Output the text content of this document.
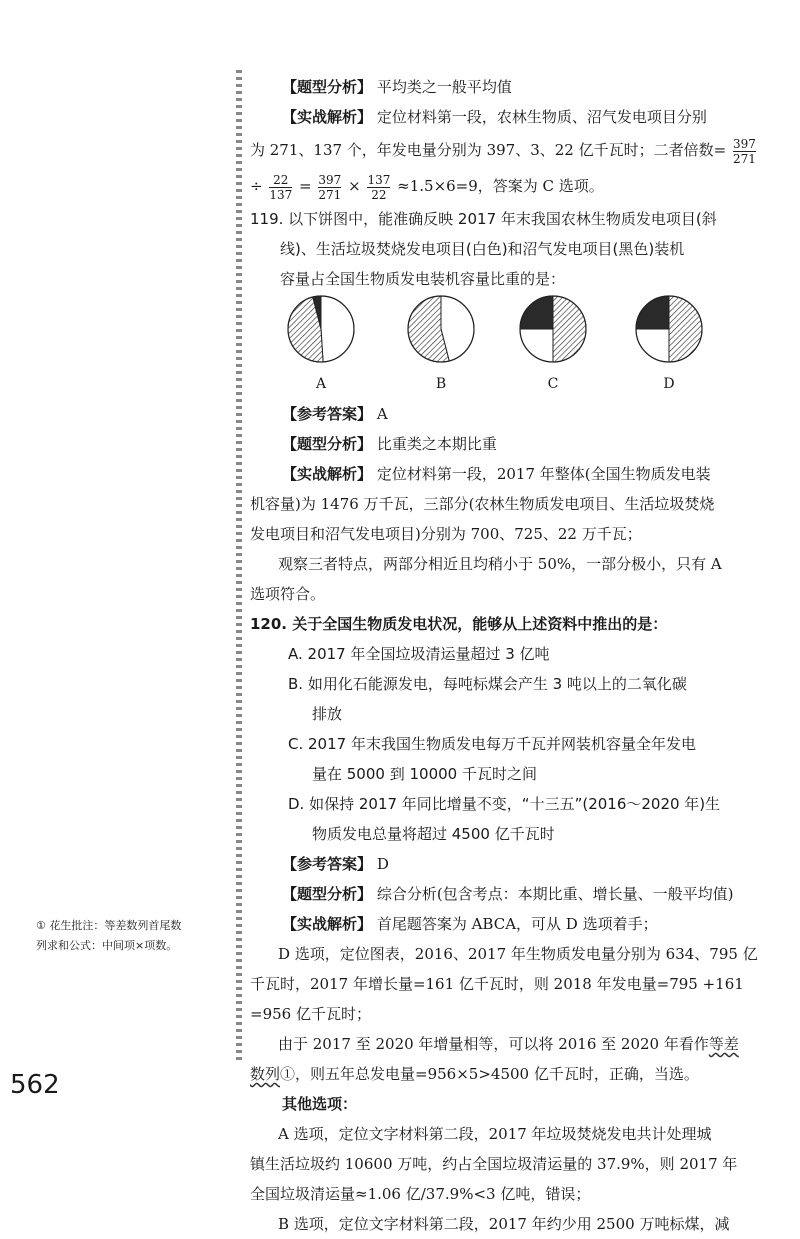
【 题型分析 】 平均类之一般平均值
【 实战解析 】 定位材料第一段，农林生物质、沼气发电项目分别
为 271、137 个，年发电量分别为 397、3、22 亿千瓦时；二者倍数= $\frac{397}{271}$
÷ $\frac{22}{137} = \frac{397}{271} \times \frac{137}{22} \approx 1.5\times 6=9$，答案为 C 选项。
119. 以下饼图中，能准确反映 2017 年末我国农林生物质发电项目(斜
线)、生活垃圾焚烧发电项目(白色)和沼气发电项目(黑色)装机
容量占全国生物质发电装机容量比重的是：
A	B	C	D
【 参考答案 】 A
【 题型分析 】 比重类之本期比重
【 实战解析 】 定位材料第一段，2017 年整体(全国生物质发电装
机容量)为 1476 万千瓦，三部分(农林生物质发电项目、生活垃圾焚烧
发电项目和沼气发电项目)分别为 700、725、22 万千瓦；
观察三者特点，两部分相近且均稍小于 50%，一部分极小，只有 A
选项符合。
120. 关于全国生物质发电状况，能够从上述资料中推出的是：
A. 2017 年全国垃圾清运量超过 3 亿吨
B. 如用化石能源发电，每吨标煤会产生 3 吨以上的二氧化碳
排放
C. 2017 年末我国生物质发电每万千瓦并网装机容量全年发电
量在 5000 到 10000 千瓦时之间
D. 如保持 2017 年同比增量不变，“十三五”(2016～2020 年)生
物质发电总量将超过 4500 亿千瓦时
【 参考答案 】 D
【 题型分析 】 综合分析(包含考点：本期比重、增长量、一般平均值)
【 实战解析 】 首尾题答案为 ABCA，可从 D 选项着手；
D 选项，定位图表，2016、2017 年生物质发电量分别为 634、795 亿
千瓦时，2017 年增长量=161 亿千瓦时，则 2018 年发电量=795 +161
=956 亿千瓦时；
由于 2017 至 2020 年增量相等，可以将 2016 至 2020 年看作等差
数列①，则五年总发电量=956×5>4500 亿千瓦时，正确，当选。
其他选项：
A 选项，定位文字材料第二段，2017 年垃圾焚烧发电共计处理城
镇生活垃圾约 10600 万吨，约占全国垃圾清运量的 37.9%，则 2017 年
全国垃圾清运量≈1.06 亿/37.9%<3 亿吨，错误；
B 选项，定位文字材料第二段，2017 年约少用 2500 万吨标煤，减
① 花生批注：等差数列首尾数
列求和公式：中间项×项数。
562
